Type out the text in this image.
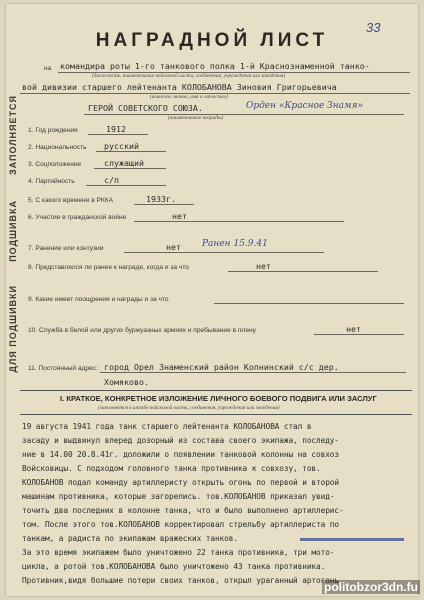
33
НАГРАДНОЙ ЛИСТ
ЗАПОЛНЯЕТСЯ
ПОДШИВКА
ДЛЯ ПОДШИВКИ
на командира роты 1-го танкового полка 1-й Краснознаменной танко-
(должность, наименование войсковой части, соединения, учреждения или заведения)
вой дивизии старшего лейтенанта КОЛОБАНОВА Зиновия Григорьевича
(воинское звание, имя и отчество)
ГЕРОЙ СОВЕТСКОГО СОЮЗА.	Орден «Красное Знамя»
(наименование награды)
1. Год рождения	1912
2. Национальность русский
3. Соцположение	служащий
4. Партийность	с/п
5. С какого времени в РККА	1933г.
6. Участие в гражданской войне	нет
7. Ранение или контузии	нет Ранен 15.9.41
8. Представлялся ли ранее к награде, когда и за что	нет
9. Какие имеет поощрения и награды и за что
10. Служба в белой или других буржуазных армиях и пребывание в плену	нет
11. Постоянный адрес: город Орел Знаменский район Копнинский с/с дер.
Хомяково.
I. КРАТКОЕ, КОНКРЕТНОЕ ИЗЛОЖЕНИЕ ЛИЧНОГО БОЕВОГО ПОДВИГА ИЛИ ЗАСЛУГ
(заполняется в штабе войсковой части, соединения, учреждения или заведения)
19 августа 1941 года танк старшего лейтенанта КОЛОБАНОВА стал в
засаду и выдвинул вперед дозорный из состава своего экипажа, последу-
ние в 14.00 20.8.41г. доложили о появлении танковой колонны на совхоз
Войсковицы. С подходом головного танка противника к совхозу, тов.
КОЛОБАНОВ подал команду артиллеристу открыть огонь по первой и второй
машинам противника, которые загорелись. тов.КОЛОБАНОВ приказал увид-
точить два последних в колонне танка, что и было выполнено артиллерис-
том. После этого тов.КОЛОБАНОВ корректировал стрельбу артиллериста по
танкам, а радиста по экипажам вражеских танков.
За это время экипажем было уничтожено 22 танка противника, три мото-
цикла, а ротой тов.КОЛОБАНОВА было уничтожено 43 танка противника.
Противник,видя большие потери своих танков, открыл ураганный артогонь
politobzor3dn.fu
